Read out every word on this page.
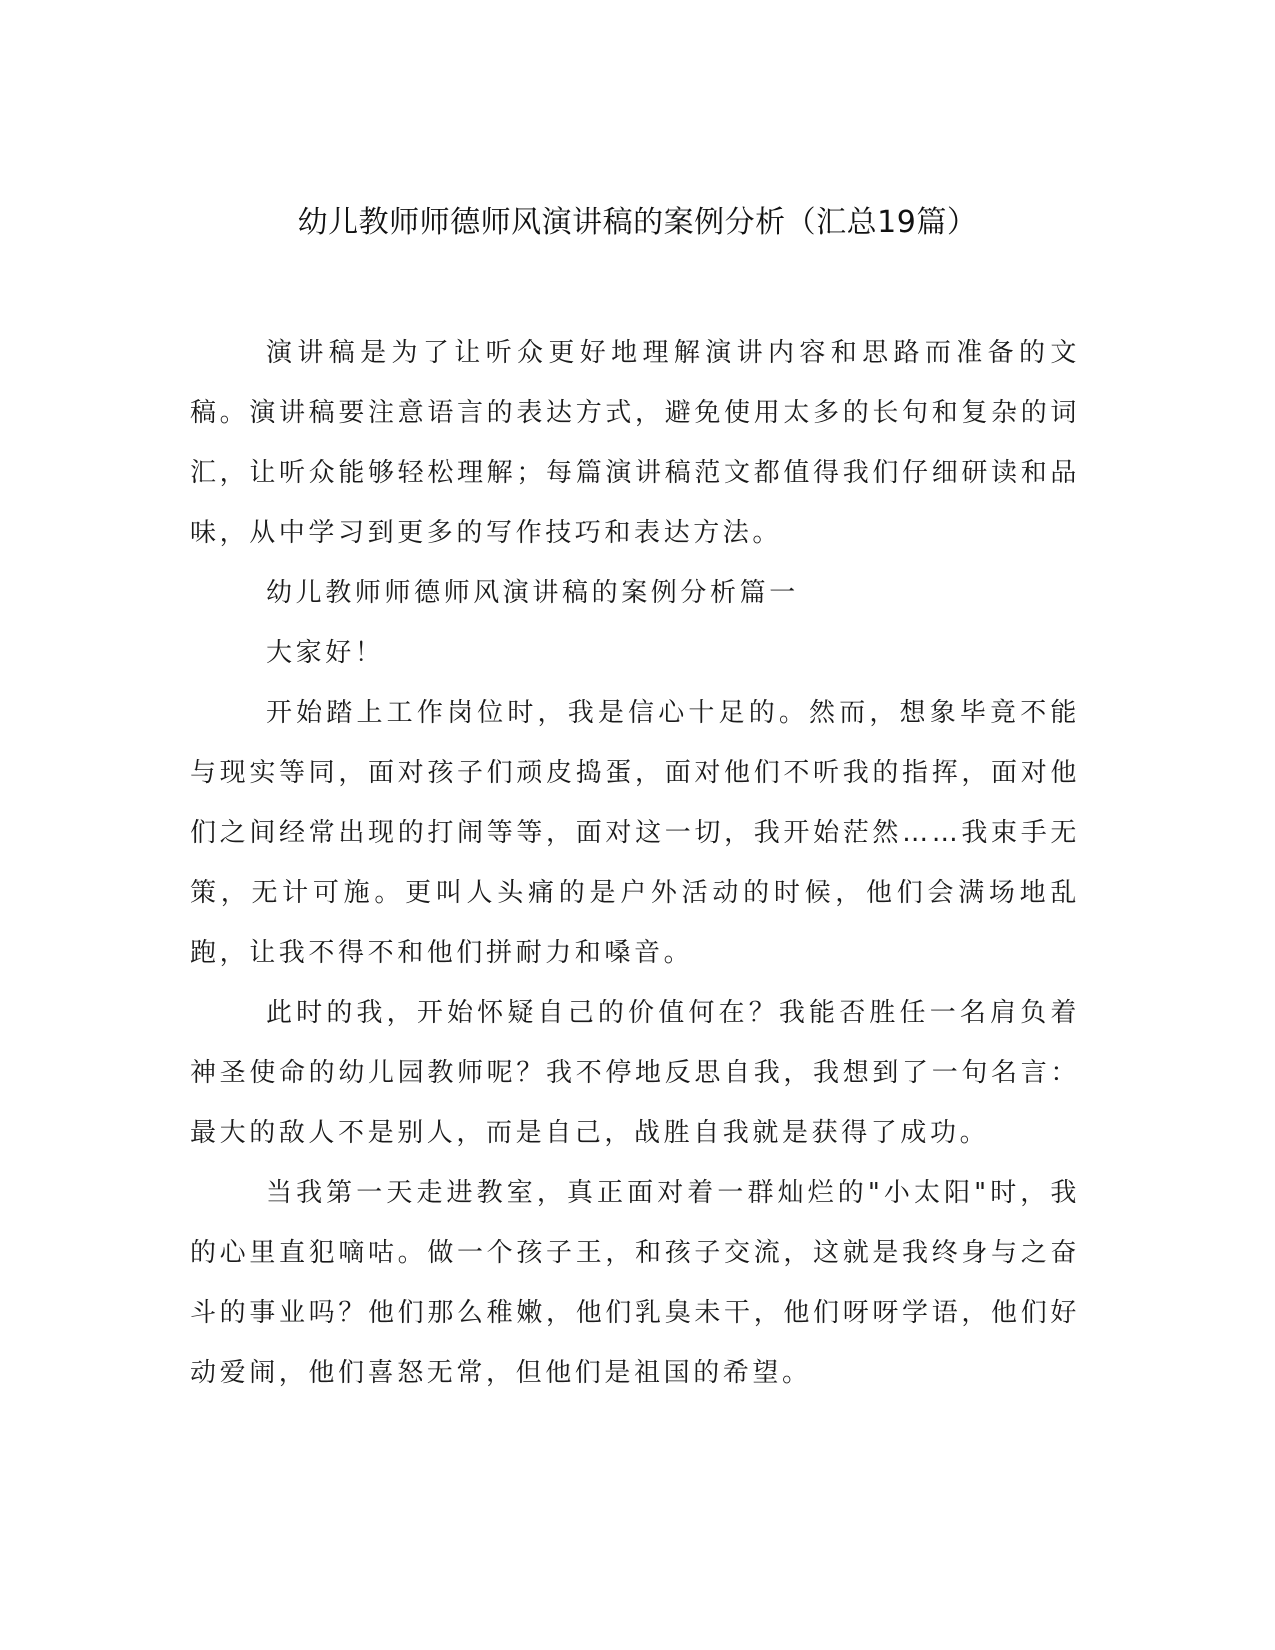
幼儿教师师德师风演讲稿的案例分析（汇总19篇）

演讲稿是为了让听众更好地理解演讲内容和思路而准备的文稿。演讲稿要注意语言的表达方式，避免使用太多的长句和复杂的词汇，让听众能够轻松理解；每篇演讲稿范文都值得我们仔细研读和品味，从中学习到更多的写作技巧和表达方法。

幼儿教师师德师风演讲稿的案例分析篇一

大家好！

开始踏上工作岗位时，我是信心十足的。然而，想象毕竟不能与现实等同，面对孩子们顽皮捣蛋，面对他们不听我的指挥，面对他们之间经常出现的打闹等等，面对这一切，我开始茫然……我束手无策，无计可施。更叫人头痛的是户外活动的时候，他们会满场地乱跑，让我不得不和他们拼耐力和嗓音。

此时的我，开始怀疑自己的价值何在？我能否胜任一名肩负着神圣使命的幼儿园教师呢？我不停地反思自我，我想到了一句名言：最大的敌人不是别人，而是自己，战胜自我就是获得了成功。

当我第一天走进教室，真正面对着一群灿烂的"小太阳"时，我的心里直犯嘀咕。做一个孩子王，和孩子交流，这就是我终身与之奋斗的事业吗？他们那么稚嫩，他们乳臭未干，他们呀呀学语，他们好动爱闹，他们喜怒无常，但他们是祖国的希望。
